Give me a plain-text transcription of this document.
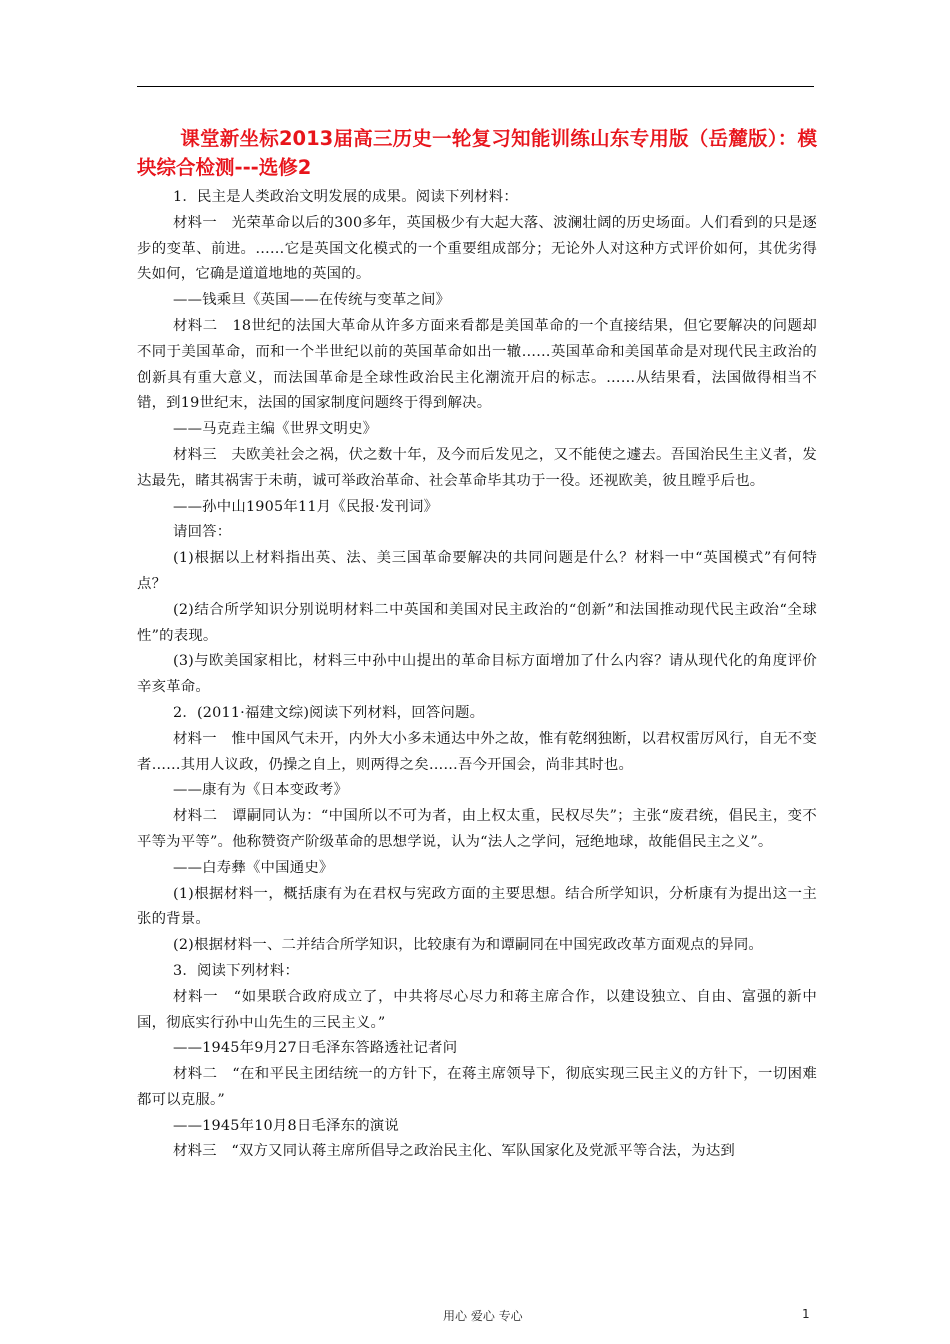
课堂新坐标2013届高三历史一轮复习知能训练山东专用版（岳麓版）：模块综合检测---选修2

1．民主是人类政治文明发展的成果。阅读下列材料：

材料一　光荣革命以后的300多年，英国极少有大起大落、波澜壮阔的历史场面。人们看到的只是逐步的变革、前进。……它是英国文化模式的一个重要组成部分；无论外人对这种方式评价如何，其优劣得失如何，它确是道道地地的英国的。

——钱乘旦《英国——在传统与变革之间》

材料二　18世纪的法国大革命从许多方面来看都是美国革命的一个直接结果，但它要解决的问题却不同于美国革命，而和一个半世纪以前的英国革命如出一辙……英国革命和美国革命是对现代民主政治的创新具有重大意义，而法国革命是全球性政治民主化潮流开启的标志。……从结果看，法国做得相当不错，到19世纪末，法国的国家制度问题终于得到解决。

——马克垚主编《世界文明史》

材料三　夫欧美社会之祸，伏之数十年，及今而后发见之，又不能使之遽去。吾国治民生主义者，发达最先，睹其祸害于未萌，诚可举政治革命、社会革命毕其功于一役。还视欧美，彼且瞠乎后也。

——孙中山1905年11月《民报·发刊词》

请回答：

(1)根据以上材料指出英、法、美三国革命要解决的共同问题是什么？材料一中“英国模式”有何特点？

(2)结合所学知识分别说明材料二中英国和美国对民主政治的“创新”和法国推动现代民主政治“全球性”的表现。

(3)与欧美国家相比，材料三中孙中山提出的革命目标方面增加了什么内容？请从现代化的角度评价辛亥革命。

2．(2011·福建文综)阅读下列材料，回答问题。

材料一　惟中国风气未开，内外大小多未通达中外之故，惟有乾纲独断，以君权雷厉风行，自无不变者……其用人议政，仍操之自上，则两得之矣……吾今开国会，尚非其时也。

——康有为《日本变政考》

材料二　谭嗣同认为：“中国所以不可为者，由上权太重，民权尽失”；主张“废君统，倡民主，变不平等为平等”。他称赞资产阶级革命的思想学说，认为“法人之学问，冠绝地球，故能倡民主之义”。

——白寿彝《中国通史》

(1)根据材料一，概括康有为在君权与宪政方面的主要思想。结合所学知识，分析康有为提出这一主张的背景。

(2)根据材料一、二并结合所学知识，比较康有为和谭嗣同在中国宪政改革方面观点的异同。

3．阅读下列材料：

材料一　“如果联合政府成立了，中共将尽心尽力和蒋主席合作，以建设独立、自由、富强的新中国，彻底实行孙中山先生的三民主义。”

——1945年9月27日毛泽东答路透社记者问

材料二　“在和平民主团结统一的方针下，在蒋主席领导下，彻底实现三民主义的方针下，一切困难都可以克服。”

——1945年10月8日毛泽东的演说

材料三　“双方又同认蒋主席所倡导之政治民主化、军队国家化及党派平等合法，为达到

用心 爱心 专心	1
